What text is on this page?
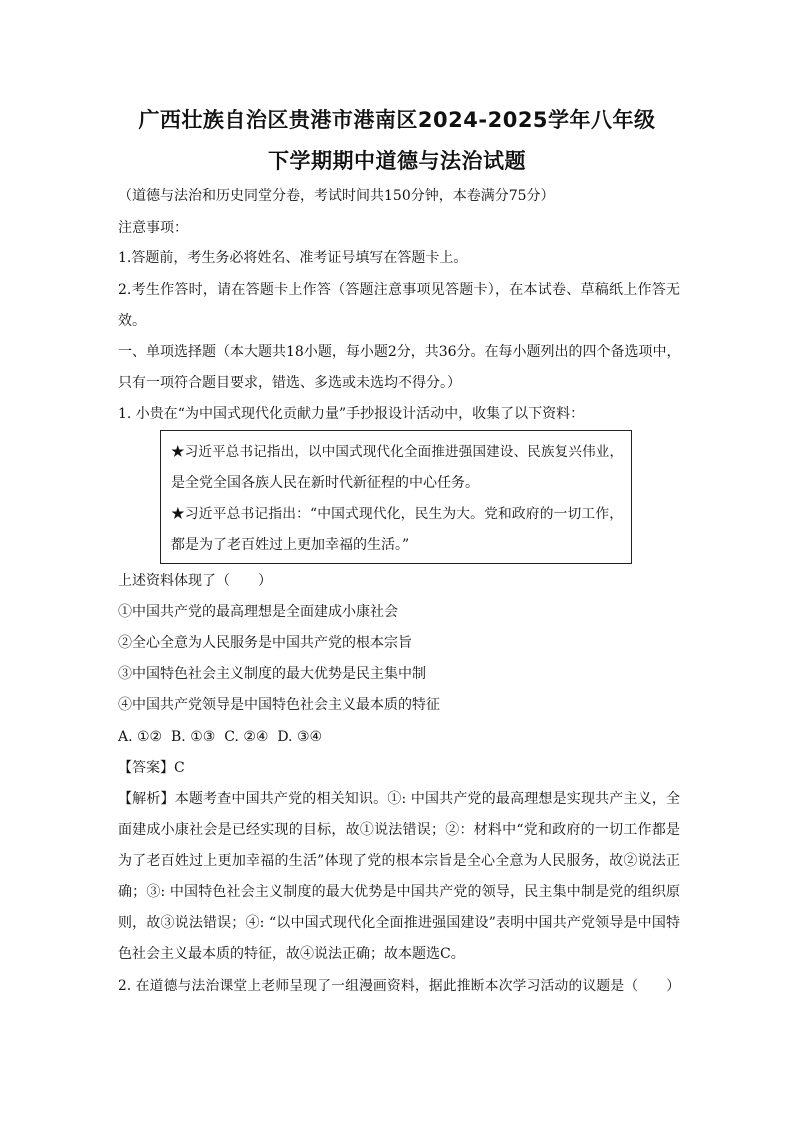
广西壮族自治区贵港市港南区2024-2025学年八年级
下学期期中道德与法治试题
（道德与法治和历史同堂分卷，考试时间共150分钟，本卷满分75分）
注意事项：
1.答题前，考生务必将姓名、准考证号填写在答题卡上。
2.考生作答时，请在答题卡上作答（答题注意事项见答题卡），在本试卷、草稿纸上作答无
效。
一、单项选择题（本大题共18小题，每小题2分，共36分。在每小题列出的四个备选项中，
只有一项符合题目要求，错选、多选或未选均不得分。）
1. 小贵在“为中国式现代化贡献力量”手抄报设计活动中，收集了以下资料：
★习近平总书记指出，以中国式现代化全面推进强国建设、民族复兴伟业，
是全党全国各族人民在新时代新征程的中心任务。
★习近平总书记指出：“中国式现代化，民生为大。党和政府的一切工作，
都是为了老百姓过上更加幸福的生活。”
上述资料体现了（　　）
①中国共产党的最高理想是全面建成小康社会
②全心全意为人民服务是中国共产党的根本宗旨
③中国特色社会主义制度的最大优势是民主集中制
④中国共产党领导是中国特色社会主义最本质的特征
A. ①②  B. ①③  C. ②④  D. ③④
【答案】C
【解析】本题考查中国共产党的相关知识。①: 中国共产党的最高理想是实现共产主义，全
面建成小康社会是已经实现的目标，故①说法错误；②：材料中“党和政府的一切工作都是
为了老百姓过上更加幸福的生活”体现了党的根本宗旨是全心全意为人民服务，故②说法正
确；③: 中国特色社会主义制度的最大优势是中国共产党的领导，民主集中制是党的组织原
则，故③说法错误；④: “以中国式现代化全面推进强国建设”表明中国共产党领导是中国特
色社会主义最本质的特征，故④说法正确；故本题选C。
2. 在道德与法治课堂上老师呈现了一组漫画资料，据此推断本次学习活动的议题是（　　）
